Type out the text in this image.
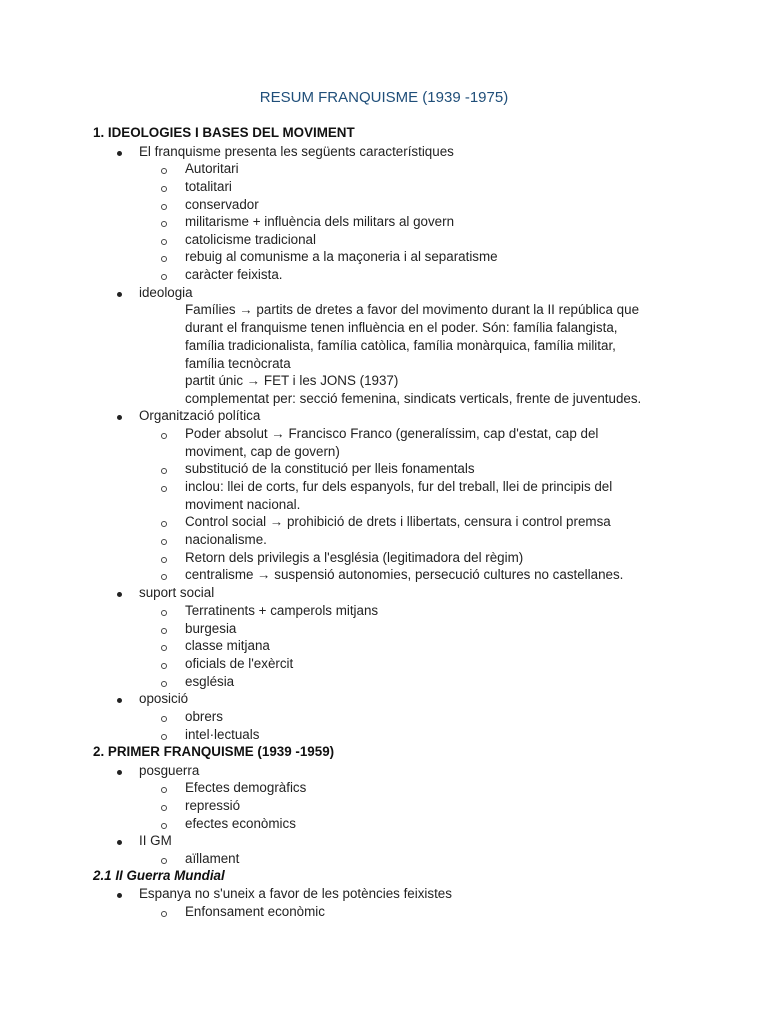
RESUM FRANQUISME (1939 -1975)
1. IDEOLOGIES I BASES DEL MOVIMENT
El franquisme presenta les següents característiques
Autoritari
totalitari
conservador
militarisme + influència dels militars al govern
catolicisme tradicional
rebuig al comunisme a la maçoneria i al separatisme
caràcter feixista.
ideologia
Famílies → partits de dretes a favor del movimento durant la II república que
durant el franquisme tenen influència en el poder. Són: família falangista,
família tradicionalista, família catòlica, família monàrquica, família militar,
família tecnòcrata
partit únic → FET i les JONS (1937)
complementat per: secció femenina, sindicats verticals, frente de juventudes.
Organització política
Poder absolut → Francisco Franco (generalíssim, cap d'estat, cap del
moviment, cap de govern)
substitució de la constitució per lleis fonamentals
inclou: llei de corts, fur dels espanyols, fur del treball, llei de principis del
moviment nacional.
Control social → prohibició de drets i llibertats, censura i control premsa
nacionalisme.
Retorn dels privilegis a l'església (legitimadora del règim)
centralisme → suspensió autonomies, persecució cultures no castellanes.
suport social
Terratinents + camperols mitjans
burgesia
classe mitjana
oficials de l'exèrcit
església
oposició
obrers
intel·lectuals
2. PRIMER FRANQUISME (1939 -1959)
posguerra
Efectes demogràfics
repressió
efectes econòmics
II GM
aïllament
2.1 II Guerra Mundial
Espanya no s'uneix a favor de les potències feixistes
Enfonsament econòmic
